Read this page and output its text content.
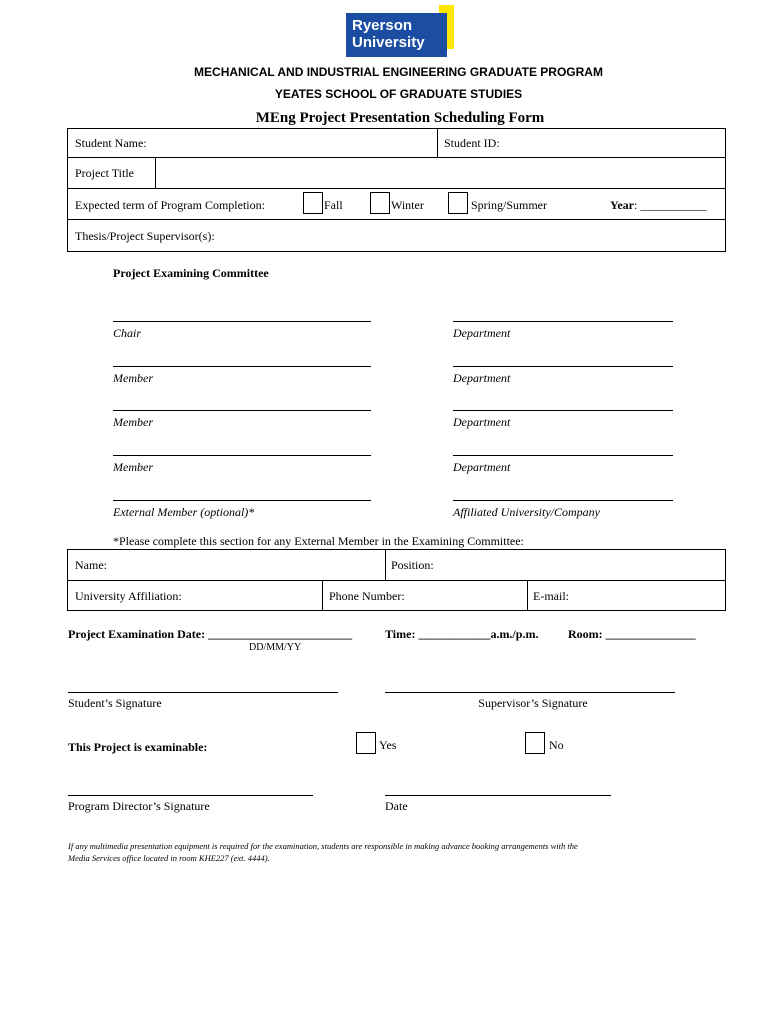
Ryerson
University
MECHANICAL AND INDUSTRIAL ENGINEERING GRADUATE PROGRAM
YEATES SCHOOL OF GRADUATE STUDIES
MEng Project Presentation Scheduling Form
Student Name:	Student ID:
Project Title
Expected term of Program Completion:	Fall	Winter	Spring/Summer	Year: ___________
Thesis/Project Supervisor(s):
Project Examining Committee
Chair	Department
Member	Department
Member	Department
Member	Department
External Member (optional)*	Affiliated University/Company
*Please complete this section for any External Member in the Examining Committee:
Name:	Position:
University Affiliation:	Phone Number:	E-mail:
Project Examination Date: ________________________
DD/MM/YY
Time: ____________a.m./p.m. Room: _______________
Student’s Signature	Supervisor’s Signature
This Project is examinable:	Yes	No
Program Director’s Signature	Date
If any multimedia presentation equipment is required for the examination, students are responsible in making advance booking arrangements with the
Media Services office located in room KHE227 (ext. 4444).
